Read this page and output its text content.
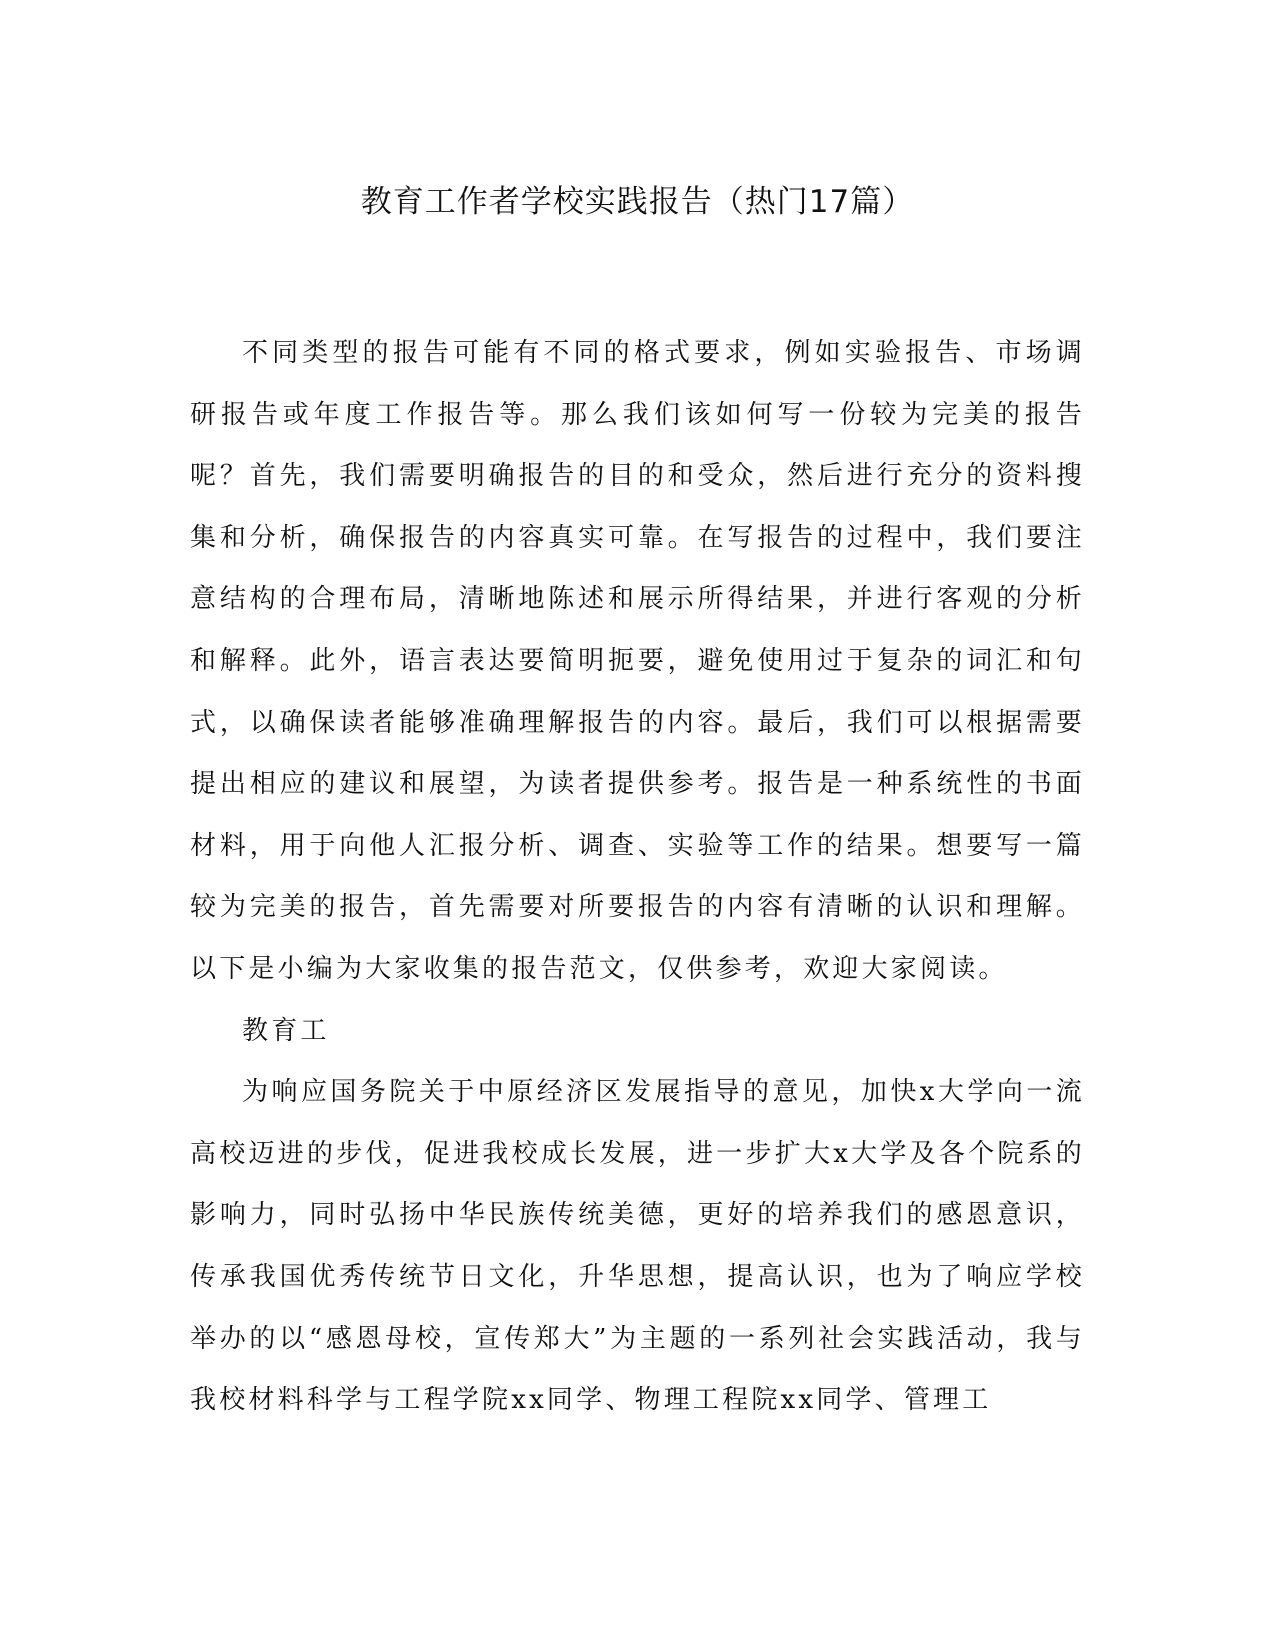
教育工作者学校实践报告（热门17篇）

不同类型的报告可能有不同的格式要求，例如实验报告、市场调研报告或年度工作报告等。那么我们该如何写一份较为完美的报告呢？首先，我们需要明确报告的目的和受众，然后进行充分的资料搜集和分析，确保报告的内容真实可靠。在写报告的过程中，我们要注意结构的合理布局，清晰地陈述和展示所得结果，并进行客观的分析和解释。此外，语言表达要简明扼要，避免使用过于复杂的词汇和句式，以确保读者能够准确理解报告的内容。最后，我们可以根据需要提出相应的建议和展望，为读者提供参考。报告是一种系统性的书面材料，用于向他人汇报分析、调查、实验等工作的结果。想要写一篇较为完美的报告，首先需要对所要报告的内容有清晰的认识和理解。以下是小编为大家收集的报告范文，仅供参考，欢迎大家阅读。

教育工

为响应国务院关于中原经济区发展指导的意见，加快x大学向一流高校迈进的步伐，促进我校成长发展，进一步扩大x大学及各个院系的影响力，同时弘扬中华民族传统美德，更好的培养我们的感恩意识，传承我国优秀传统节日文化，升华思想，提高认识，也为了响应学校举办的以“感恩母校，宣传郑大”为主题的一系列社会实践活动，我与我校材料科学与工程学院xx同学、物理工程院xx同学、管理工
